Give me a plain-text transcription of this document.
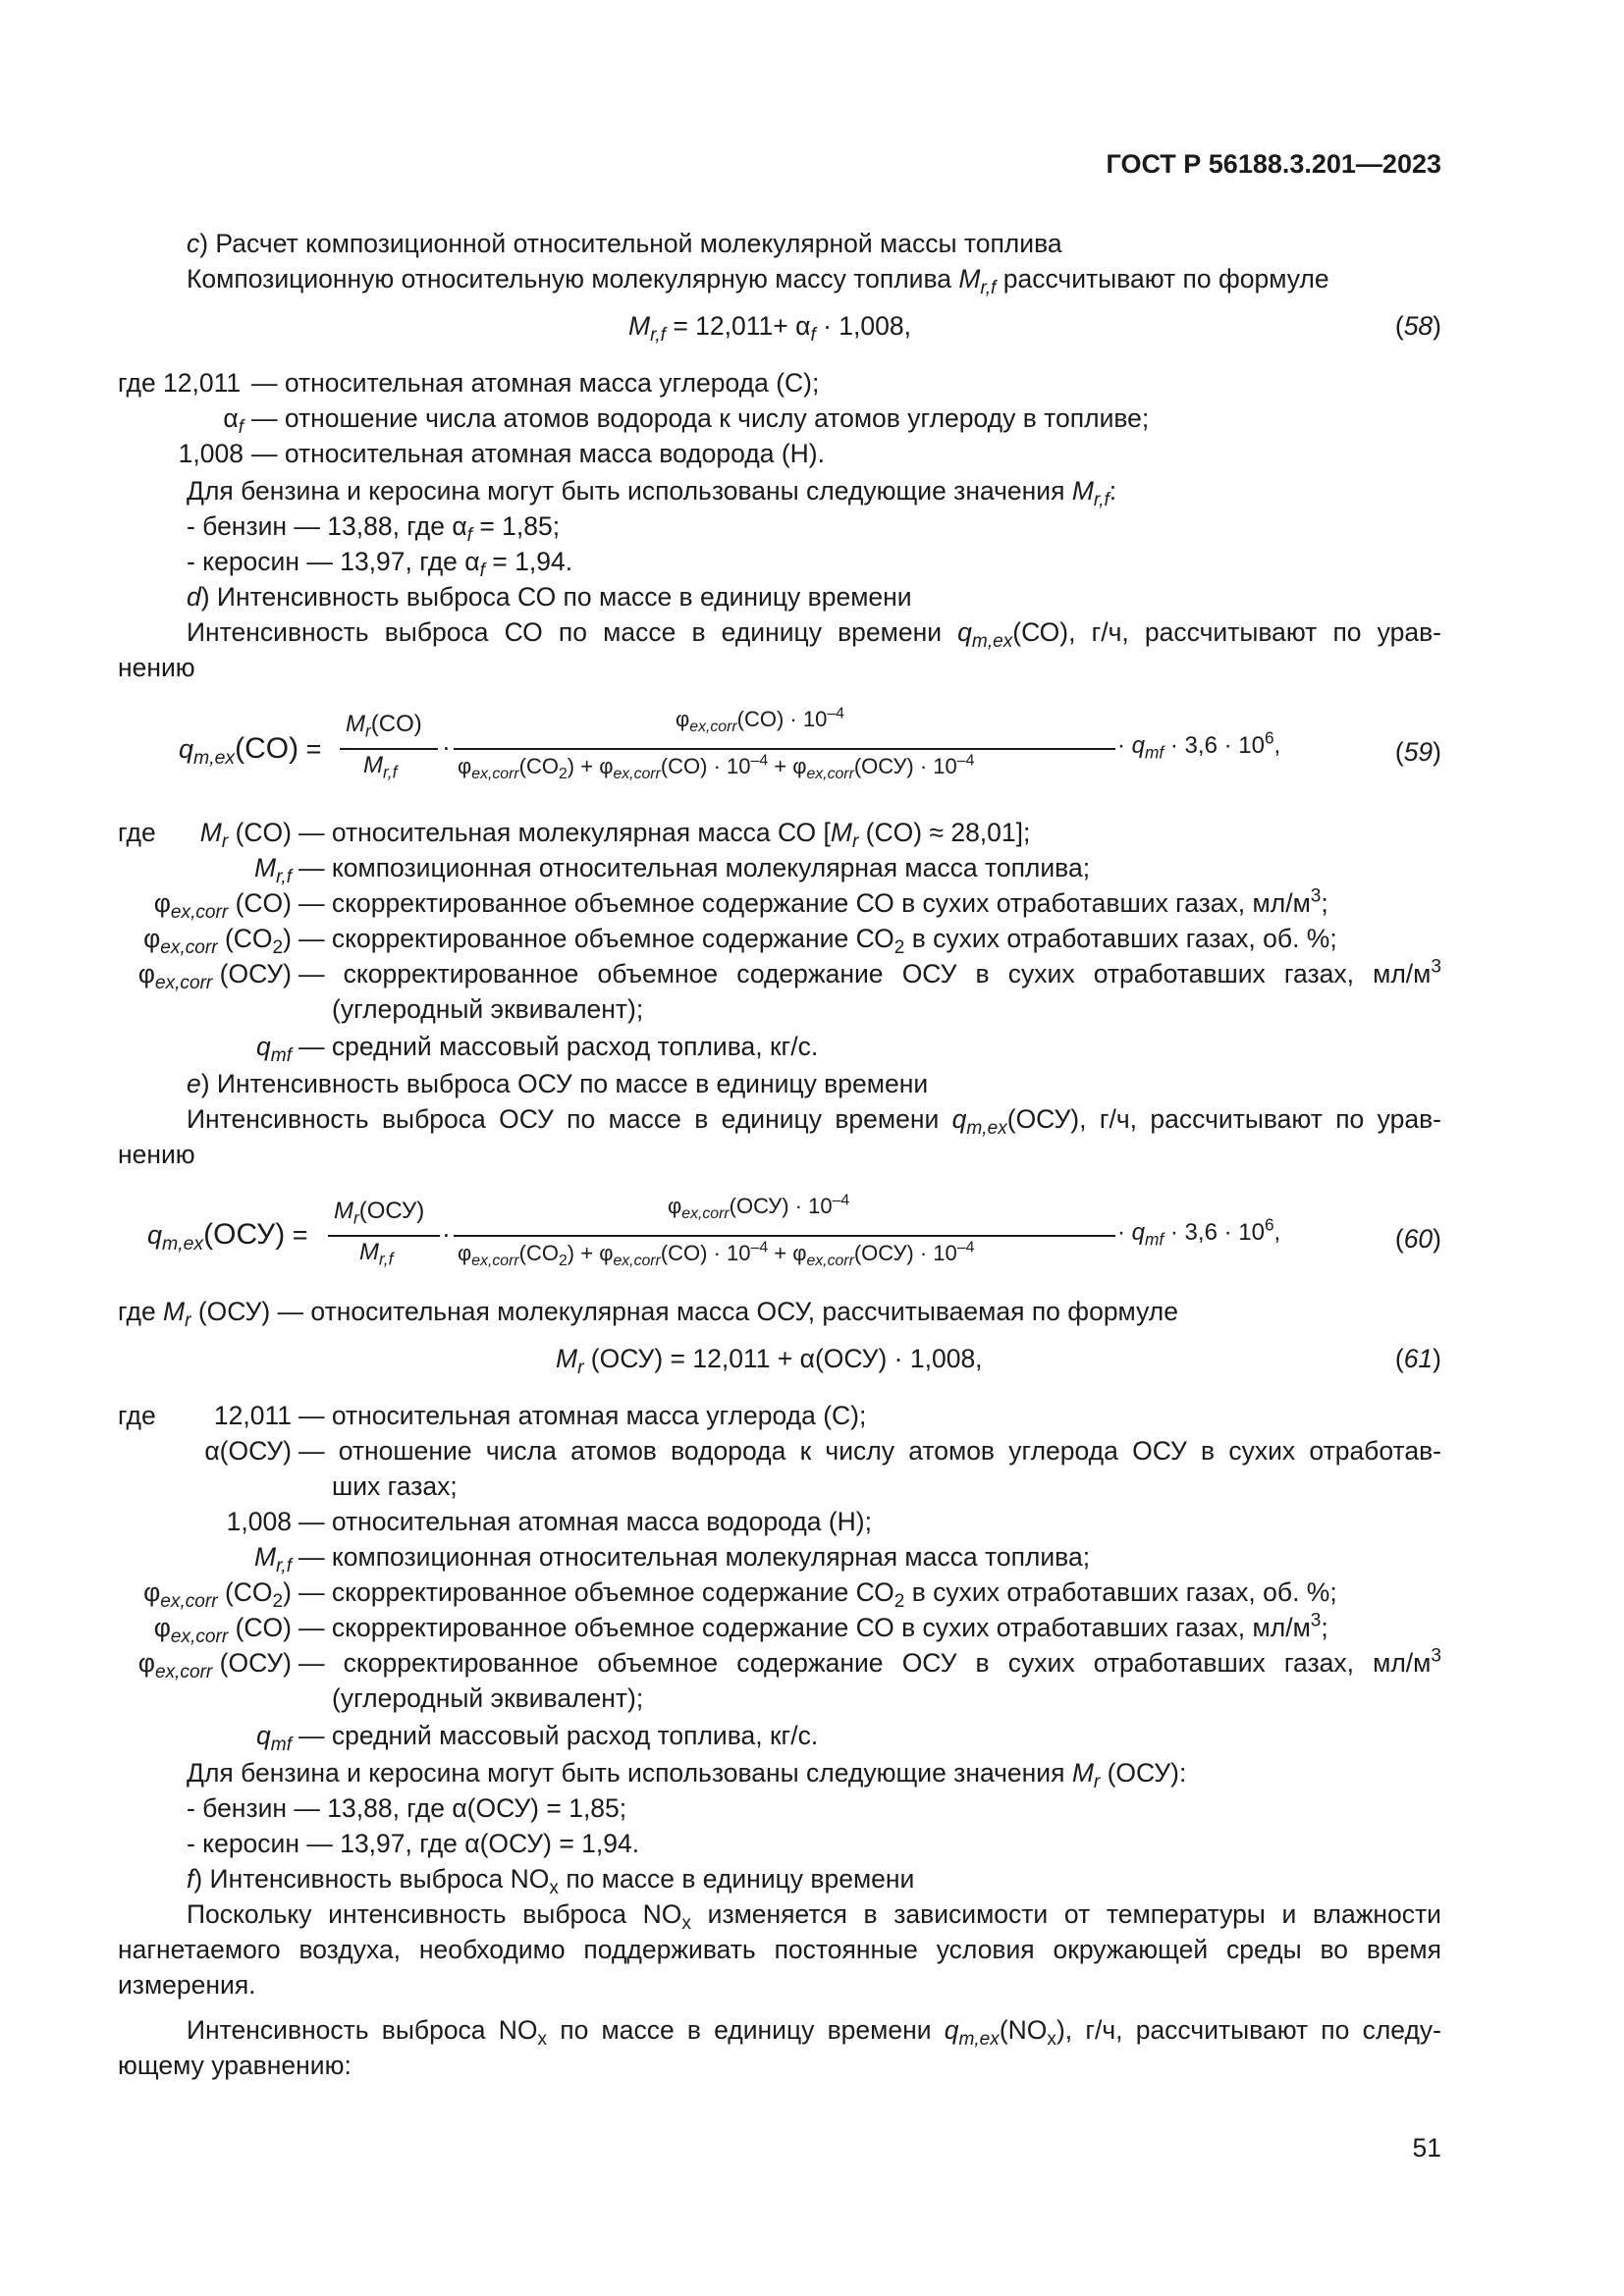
ГОСТ Р 56188.3.201—2023
c) Расчет композиционной относительной молекулярной массы топлива
Композиционную относительную молекулярную массу топлива $M_{r,f}$ рассчитывают по формуле
$M_{r,f} = 12,011+ \alpha_f \cdot 1,008$,	(58)
где 12,011 — относительная атомная масса углерода (С);
$\alpha_f$ — отношение числа атомов водорода к числу атомов углероду в топливе;
1,008 — относительная атомная масса водорода (Н).
Для бензина и керосина могут быть использованы следующие значения $M_{r,f}$:
- бензин — 13,88, где $\alpha_f = 1,85$;
- керосин — 13,97, где $\alpha_f = 1,94$.
d) Интенсивность выброса СО по массе в единицу времени
Интенсивность выброса СО по массе в единицу времени $q_{m,ex}(СО)$, г/ч, рассчитывают по урав-
нению
$q_{m,ex}(CO)$ =
$M_r(CO)$
$M_{r,f}$
·
$\varphi_{ex,corr}(CO) \cdot 10^{-4}$
$\varphi_{ex,corr}(CO_2) + \varphi_{ex,corr}(CO) \cdot 10^{-4} + \varphi_{ex,corr}(ОСУ) \cdot 10^{-4}$
· $q_{mf} \cdot 3,6 \cdot 10^6$,	(59)
где $M_r$ (CO) — относительная молекулярная масса СО [$M_r$ (CO) ≈ 28,01];
$M_{r,f}$ — композиционная относительная молекулярная масса топлива;
$\varphi_{ex,corr}$ (CO) — скорректированное объемное содержание СО в сухих отработавших газах, $мл/м^3$;
$\varphi_{ex,corr}$ $(CO_2)$ — скорректированное объемное содержание $СО_2$ в сухих отработавших газах, об. %;
$\varphi_{ex,corr}$ (ОСУ) — скорректированное объемное содержание ОСУ в сухих отработавших газах, $мл/м^3$
(углеродный эквивалент);
$q_{mf}$ — средний массовый расход топлива, кг/с.
e) Интенсивность выброса ОСУ по массе в единицу времени
Интенсивность выброса ОСУ по массе в единицу времени $q_{m,ex}(ОСУ)$, г/ч, рассчитывают по урав-
нению
$q_{m,ex}(ОСУ)$ =
$M_r(ОСУ)$
$M_{r,f}$
·
$\varphi_{ex,corr}(ОСУ) \cdot 10^{-4}$
$\varphi_{ex,corr}(CO_2) + \varphi_{ex,corr}(CO) \cdot 10^{-4} + \varphi_{ex,corr}(ОСУ) \cdot 10^{-4}$
· $q_{mf} \cdot 3,6 \cdot 10^6$,	(60)
где $M_r$ (ОСУ) — относительная молекулярная масса ОСУ, рассчитываемая по формуле
$M_r$ (ОСУ) = 12,011 + α(ОСУ) · 1,008,	(61)
где 12,011 — относительная атомная масса углерода (С);
α(ОСУ) — отношение числа атомов водорода к числу атомов углерода ОСУ в сухих отработав-
ших газах;
1,008 — относительная атомная масса водорода (Н);
$M_{r,f}$ — композиционная относительная молекулярная масса топлива;
$\varphi_{ex,corr}$ $(CO_2)$ — скорректированное объемное содержание $СО_2$ в сухих отработавших газах, об. %;
$\varphi_{ex,corr}$ (CO) — скорректированное объемное содержание СО в сухих отработавших газах, $мл/м^3$;
$\varphi_{ex,corr}$ (ОСУ) — скорректированное объемное содержание ОСУ в сухих отработавших газах, $мл/м^3$
(углеродный эквивалент);
$q_{mf}$ — средний массовый расход топлива, кг/с.
Для бензина и керосина могут быть использованы следующие значения $M_r$ (ОСУ):
- бензин — 13,88, где α(ОСУ) = 1,85;
- керосин — 13,97, где α(ОСУ) = 1,94.
f) Интенсивность выброса $NO_x$ по массе в единицу времени
Поскольку интенсивность выброса $NO_x$ изменяется в зависимости от температуры и влажности
нагнетаемого воздуха, необходимо поддерживать постоянные условия окружающей среды во время
измерения.
Интенсивность выброса $NO_x$ по массе в единицу времени $q_{m,ex}(NO_x)$, г/ч, рассчитывают по следу-
ющему уравнению:
51
